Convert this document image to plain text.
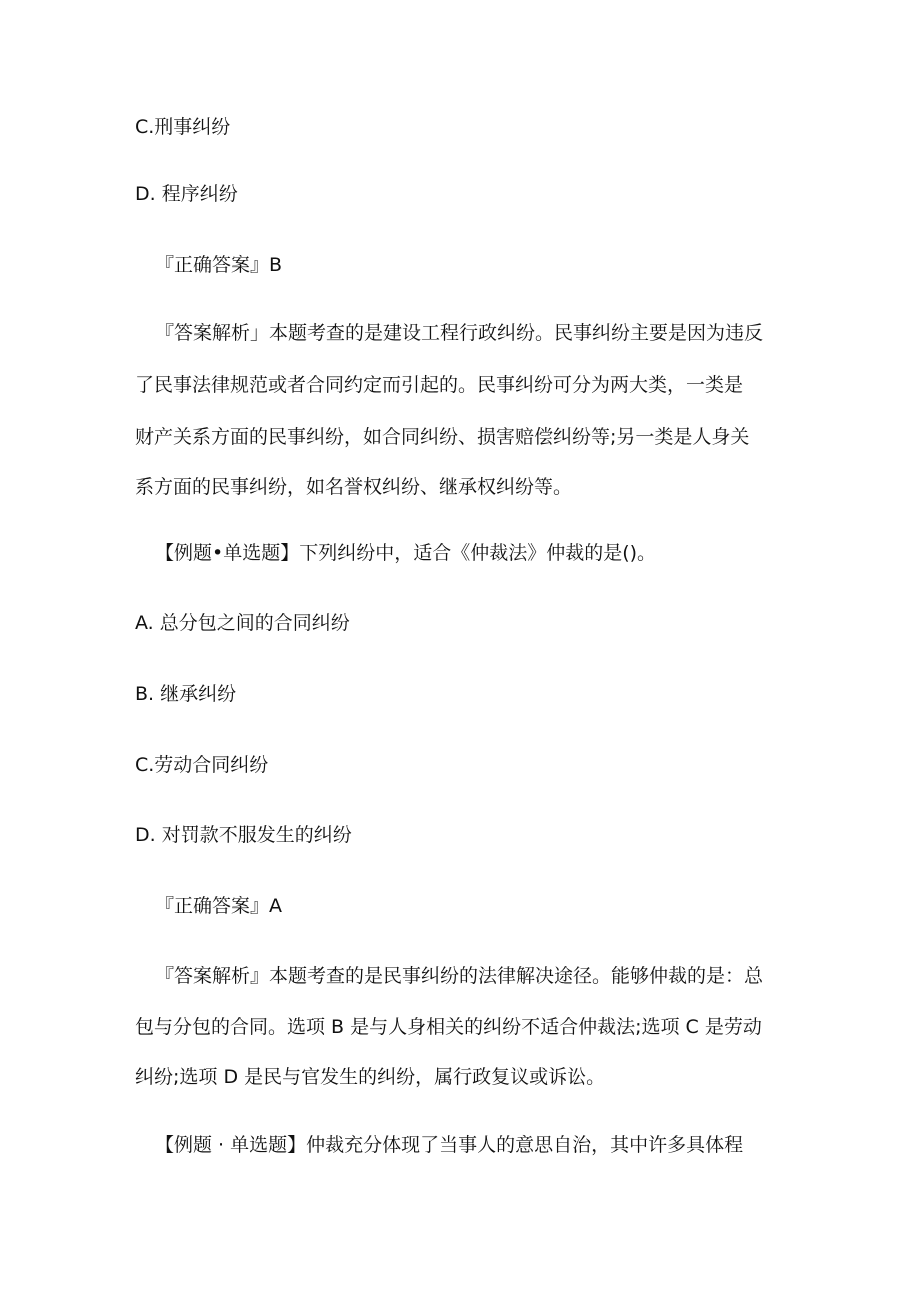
C.刑事纠纷
D. 程序纠纷
『正确答案』B
『答案解析」本题考查的是建设工程行政纠纷。民事纠纷主要是因为违反
了民事法律规范或者合同约定而引起的。民事纠纷可分为两大类，一类是
财产关系方面的民事纠纷，如合同纠纷、损害赔偿纠纷等;另一类是人身关
系方面的民事纠纷，如名誉权纠纷、继承权纠纷等。
【例题•单选题】下列纠纷中，适合《仲裁法》仲裁的是()。
A. 总分包之间的合同纠纷
B. 继承纠纷
C.劳动合同纠纷
D. 对罚款不服发生的纠纷
『正确答案』A
『答案解析』本题考查的是民事纠纷的法律解决途径。能够仲裁的是：总
包与分包的合同。选项 B 是与人身相关的纠纷不适合仲裁法;选项 C 是劳动
纠纷;选项 D 是民与官发生的纠纷，属行政复议或诉讼。
【例题 · 单选题】仲裁充分体现了当事人的意思自治，其中许多具体程
